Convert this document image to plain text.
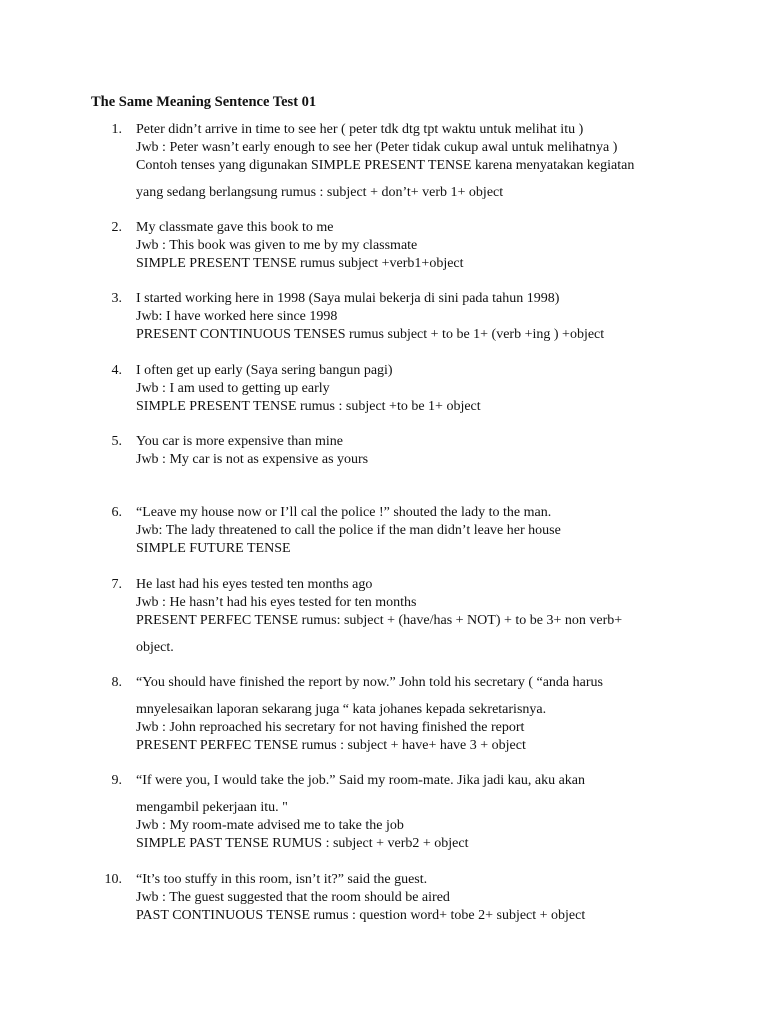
The Same Meaning Sentence Test 01
1. Peter didn’t arrive in time to see her ( peter tdk dtg tpt waktu untuk melihat itu )
Jwb : Peter wasn’t early enough to see her (Peter tidak cukup awal untuk melihatnya )
Contoh tenses yang digunakan SIMPLE PRESENT TENSE karena menyatakan kegiatan
yang sedang berlangsung rumus : subject + don’t+ verb 1+ object
2. My classmate gave this book to me
Jwb : This book was given to me by my classmate
SIMPLE PRESENT TENSE rumus subject +verb1+object
3. I started working here in 1998 (Saya mulai bekerja di sini pada tahun 1998)
Jwb: I have worked here since 1998
PRESENT CONTINUOUS TENSES rumus subject + to be 1+ (verb +ing ) +object
4. I often get up early (Saya sering bangun pagi)
Jwb : I am used to getting up early
SIMPLE PRESENT TENSE rumus : subject +to be 1+ object
5. You car is more expensive than mine
Jwb : My car is not as expensive as yours
6. “Leave my house now or I’ll cal the police !” shouted the lady to the man.
Jwb: The lady threatened to call the police if the man didn’t leave her house
SIMPLE FUTURE TENSE
7. He last had his eyes tested ten months ago
Jwb : He hasn’t had his eyes tested for ten months
PRESENT PERFEC TENSE rumus: subject + (have/has + NOT) + to be 3+ non verb+
object.
8. “You should have finished the report by now.” John told his secretary ( “anda harus
mnyelesaikan laporan sekarang juga “ kata johanes kepada sekretarisnya.
Jwb : John reproached his secretary for not having finished the report
PRESENT PERFEC TENSE rumus : subject + have+ have 3 + object
9. “If were you, I would take the job.” Said my room-mate. Jika jadi kau, aku akan
mengambil pekerjaan itu. "
Jwb : My room-mate advised me to take the job
SIMPLE PAST TENSE RUMUS : subject + verb2 + object
10. “It’s too stuffy in this room, isn’t it?” said the guest.
Jwb : The guest suggested that the room should be aired
PAST CONTINUOUS TENSE rumus : question word+ tobe 2+ subject + object
